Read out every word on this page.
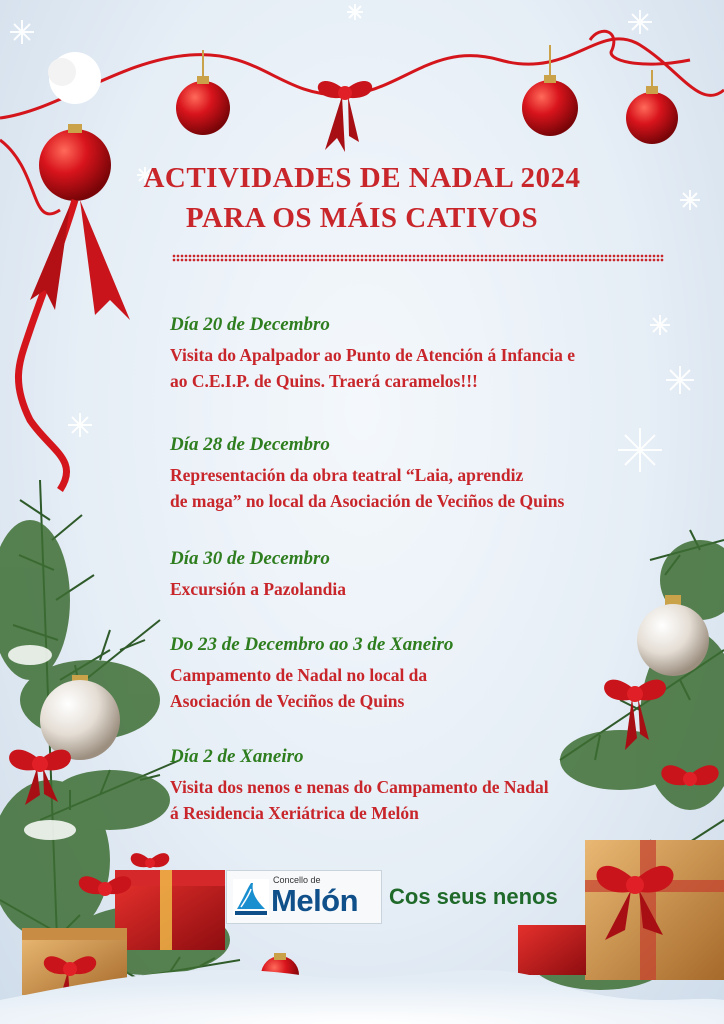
ACTIVIDADES DE NADAL 2024
PARA OS MÁIS CATIVOS

Día 20 de Decembro

Visita do Apalpador ao Punto de Atención á Infancia e

ao C.E.I.P. de Quins. Traerá caramelos!!!

Día 28 de Decembro

Representación da obra teatral “Laia, aprendiz

de maga” no local da Asociación de Veciños de Quins

Día 30 de Decembro

Excursión a Pazolandia

Do 23 de Decembro ao 3 de Xaneiro

Campamento de Nadal no local da

Asociación de Veciños de Quins

Día 2 de Xaneiro

Visita dos nenos e nenas do Campamento de Nadal

á Residencia Xeriátrica de Melón

Concello de
Melón Cos seus nenos
